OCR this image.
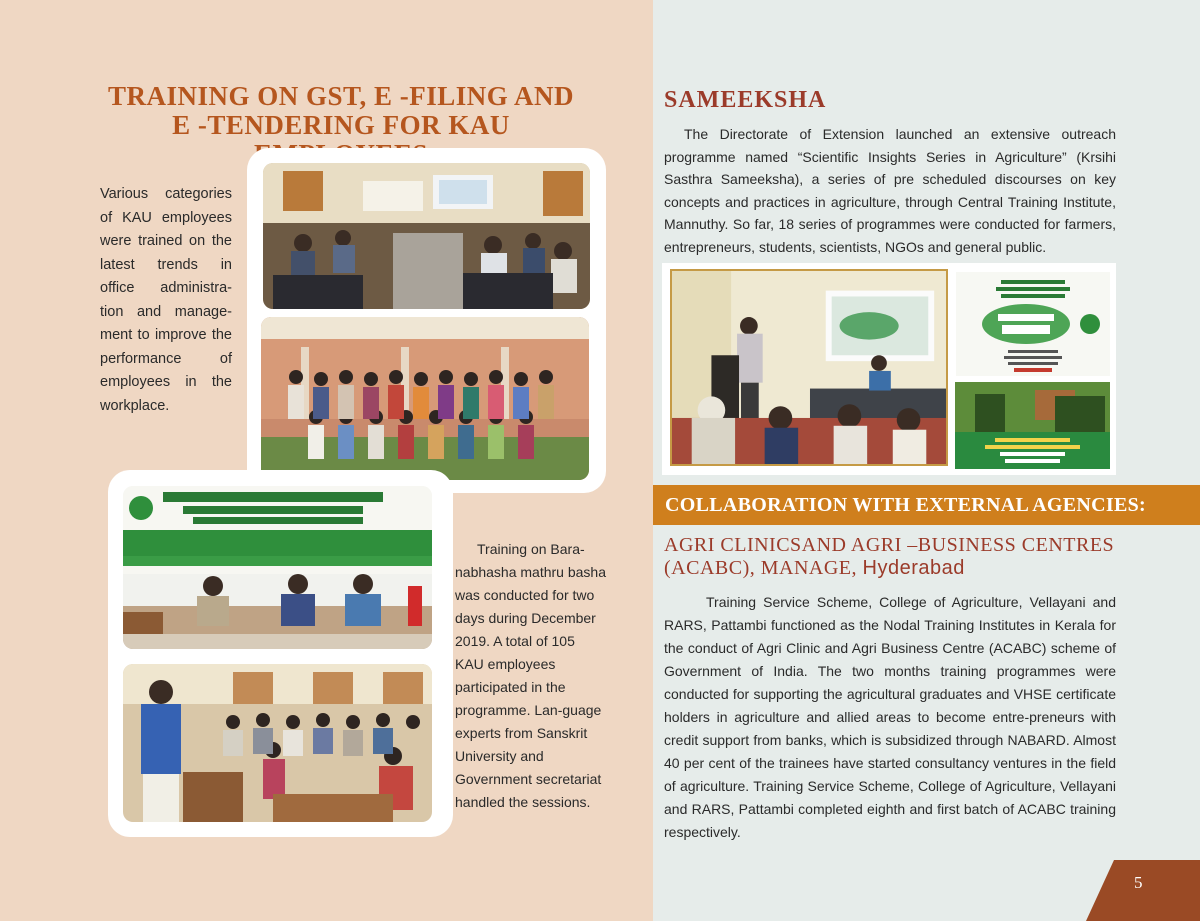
TRAINING ON GST, E -FILING AND
E -TENDERING FOR KAU
Various categories of KAU employees were trained on the latest trends in office administra-tion and manage-ment to improve the performance of employees in the workplace.
Training on Bara-nabhasha mathru basha was conducted for two days during December 2019. A total of 105 KAU employees participated in the programme. Lan-guage experts from Sanskrit University and Government secretariat handled the sessions.
SAMEEKSHA
The Directorate of Extension launched an extensive outreach programme named “Scientific Insights Series in Agriculture” (Krsihi Sasthra Sameeksha), a series of pre scheduled discourses on key concepts and practices in agriculture, through Central Training Institute, Mannuthy. So far, 18 series of programmes were conducted for farmers, entrepreneurs, students, scientists, NGOs and general public.
COLLABORATION WITH EXTERNAL AGENCIES:
AGRI CLINICSAND AGRI –BUSINESS CENTRES (ACABC), MANAGE, Hyderabad
Training Service Scheme, College of Agriculture, Vellayani and RARS, Pattambi functioned as the Nodal Training Institutes in Kerala for the conduct of Agri Clinic and Agri Business Centre (ACABC) scheme of Government of India. The two months training programmes were conducted for supporting the agricultural graduates and VHSE certificate holders in agriculture and allied areas to become entre-preneurs with credit support from banks, which is subsidized through NABARD. Almost 40 per cent of the trainees have started consultancy ventures in the field of agriculture. Training Service Scheme, College of Agriculture, Vellayani and RARS, Pattambi completed eighth and first batch of ACABC training respectively.
5
